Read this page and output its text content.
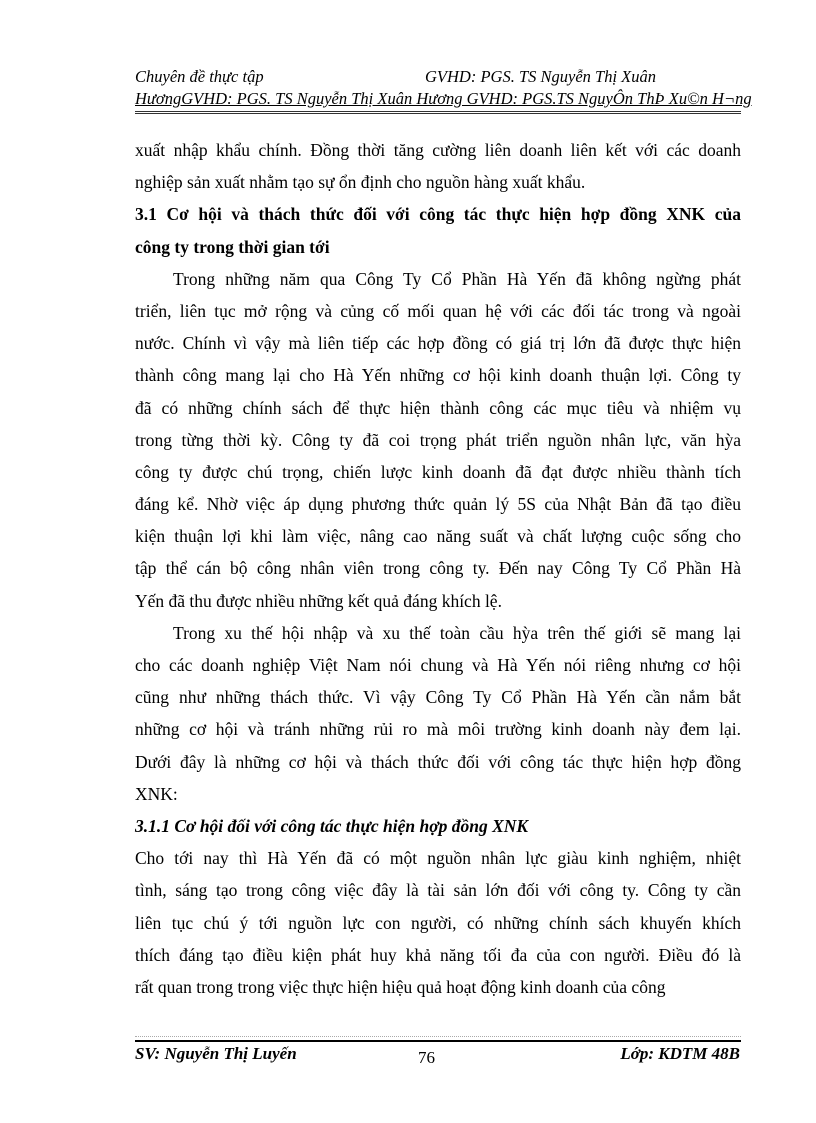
Chuyên đề thực tập	GVHD: PGS. TS Nguyễn Thị Xuân
HươngGVHD: PGS. TS Nguyễn Thị Xuân Hương GVHD: PGS.TS NguyÔn ThÞ Xu©n H¬ng
xuất nhập khẩu chính. Đồng thời tăng cường liên doanh liên kết với các doanh
nghiệp sản xuất nhằm tạo sự ổn định cho nguồn hàng xuất khẩu.
3.1 Cơ hội và thách thức đối với công tác thực hiện hợp đồng XNK của
công ty trong thời gian tới
Trong những năm qua Công Ty Cổ Phần Hà Yến đã không ngừng phát
triển, liên tục mở rộng và củng cố mối quan hệ với các đối tác trong và ngoài
nước. Chính vì vậy mà liên tiếp các hợp đồng có giá trị lớn đã được thực hiện
thành công mang lại cho Hà Yến những cơ hội kinh doanh thuận lợi. Công ty
đã có những chính sách để thực hiện thành công các mục tiêu và nhiệm vụ
trong từng thời kỳ. Công ty đã coi trọng phát triển nguồn nhân lực, văn hỳa
công ty được chú trọng, chiến lược kinh doanh đã đạt được nhiều thành tích
đáng kể. Nhờ việc áp dụng phương thức quản lý 5S của Nhật Bản đã tạo điều
kiện thuận lợi khi làm việc, nâng cao năng suất và chất lượng cuộc sống cho
tập thể cán bộ công nhân viên trong công ty. Đến nay Công Ty Cổ Phần Hà
Yến đã thu được nhiều những kết quả đáng khích lệ.
Trong xu thế hội nhập và xu thế toàn cầu hỳa trên thế giới sẽ mang lại
cho các doanh nghiệp Việt Nam nói chung và Hà Yến nói riêng nhưng cơ hội
cũng như những thách thức. Vì vậy Công Ty Cổ Phần Hà Yến cần nắm bắt
những cơ hội và tránh những rủi ro mà môi trường kinh doanh này đem lại.
Dưới đây là những cơ hội và thách thức đối với công tác thực hiện hợp đồng
XNK:
3.1.1 Cơ hội đối với công tác thực hiện hợp đồng XNK
Cho tới nay thì Hà Yến đã có một nguồn nhân lực giàu kinh nghiệm, nhiệt
tình, sáng tạo trong công việc đây là tài sản lớn đối với công ty. Công ty cần
liên tục chú ý tới nguồn lực con người, có những chính sách khuyến khích
thích đáng tạo điều kiện phát huy khả năng tối đa của con người. Điều đó là
rất quan trong trong việc thực hiện hiệu quả hoạt động kinh doanh của công
SV: Nguyễn Thị Luyến	76	Lớp: KDTM 48B
